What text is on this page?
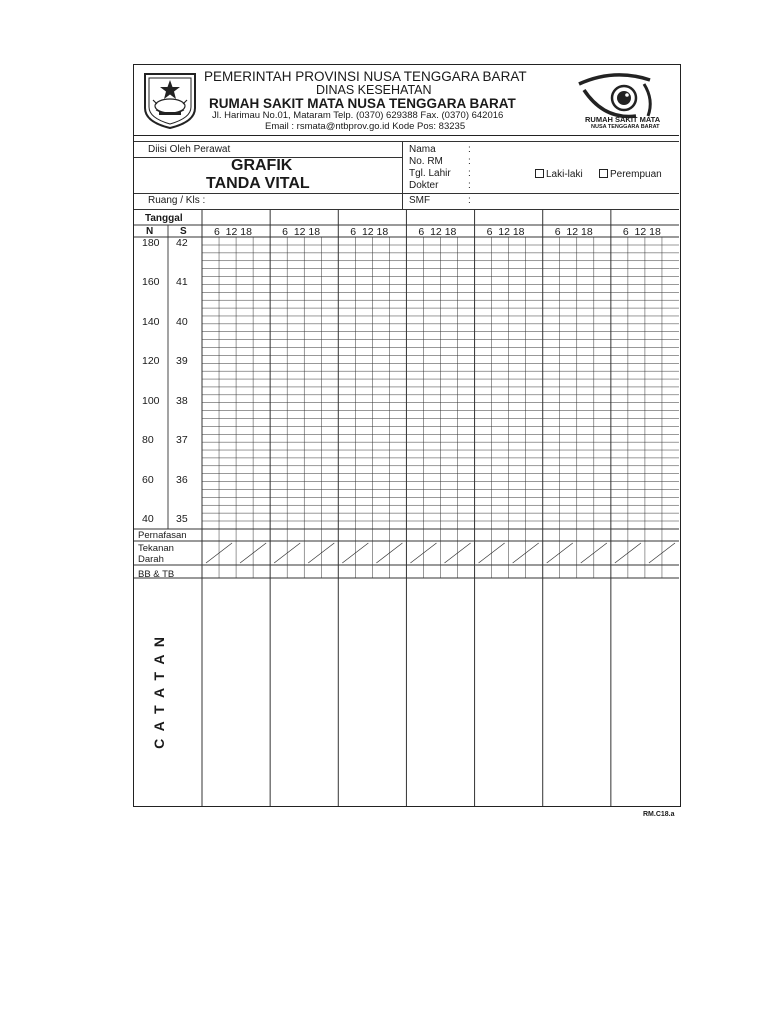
PEMERINTAH PROVINSI NUSA TENGGARA BARAT
DINAS KESEHATAN
RUMAH SAKIT MATA NUSA TENGGARA BARAT
Jl. Harimau No.01, Mataram Telp. (0370) 629388 Fax. (0370) 642016
Email : rsmata@ntbprov.go.id Kode Pos: 83235
RUMAH SAKIT MATA
NUSA TENGGARA BARAT
Diisi Oleh Perawat
GRAFIK
TANDA VITAL
Ruang / Kls :
Nama	:
No. RM	:
Tgl. Lahir :
Dokter	:
SMF	:
Laki-laki	Perempuan
Tanggal
N	S	6  12 18	6  12 18	6  12 18	6  12 18	6  12 18	6  12 18	6  12 18
180 42
160 41
140 40
120 39
100 38
80 37
60 36
40 35
Pernafasan
Tekanan
Darah
BB & TB
C A T A T A N
RM.C18.a
